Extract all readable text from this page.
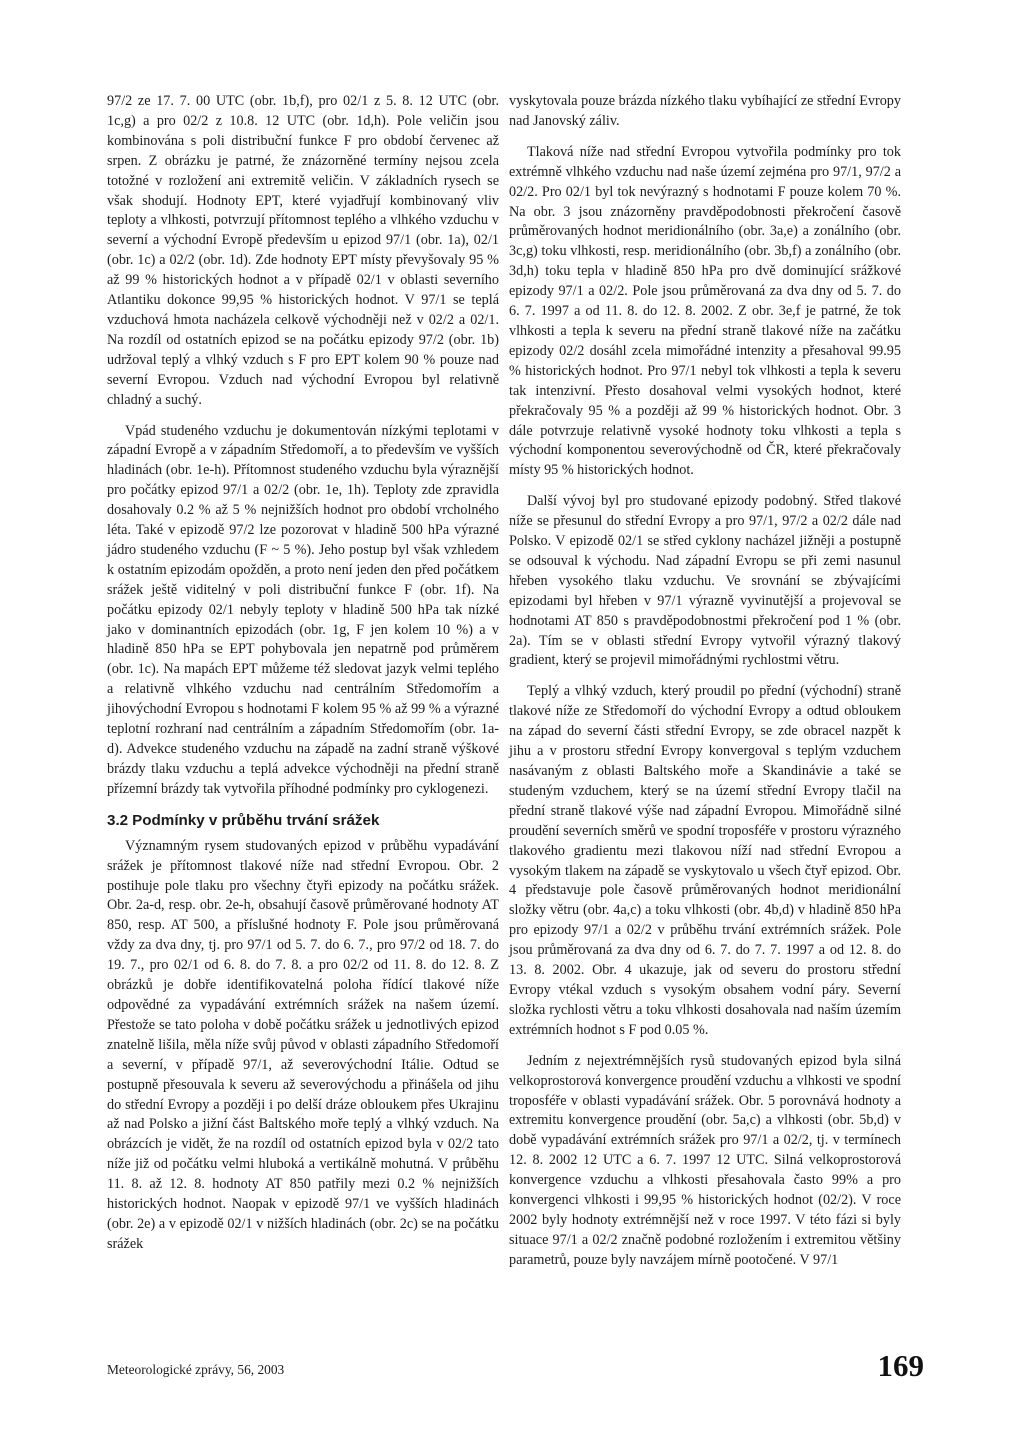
97/2 ze 17. 7. 00 UTC (obr. 1b,f), pro 02/1 z 5. 8. 12 UTC (obr. 1c,g) a pro 02/2 z 10.8. 12 UTC (obr. 1d,h). Pole veličin jsou kombinována s poli distribuční funkce F pro období červenec až srpen. Z obrázku je patrné, že znázorněné termíny nejsou zcela totožné v rozložení ani extremitě veličin. V základních rysech se však shodují. Hodnoty EPT, které vyjadřují kombinovaný vliv teploty a vlhkosti, potvrzují přítomnost teplého a vlhkého vzduchu v severní a východní Evropě především u epizod 97/1 (obr. 1a), 02/1 (obr. 1c) a 02/2 (obr. 1d). Zde hodnoty EPT místy převyšovaly 95 % až 99 % historických hodnot a v případě 02/1 v oblasti severního Atlantiku dokonce 99,95 % historických hodnot. V 97/1 se teplá vzduchová hmota nacházela celkově východněji než v 02/2 a 02/1. Na rozdíl od ostatních epizod se na počátku epizody 97/2 (obr. 1b) udržoval teplý a vlhký vzduch s F pro EPT kolem 90 % pouze nad severní Evropou. Vzduch nad východní Evropou byl relativně chladný a suchý.

Vpád studeného vzduchu je dokumentován nízkými teplotami v západní Evropě a v západním Středomoří, a to především ve vyšších hladinách (obr. 1e-h). Přítomnost studeného vzduchu byla výraznější pro počátky epizod 97/1 a 02/2 (obr. 1e, 1h). Teploty zde zpravidla dosahovaly 0.2 % až 5 % nejnižších hodnot pro období vrcholného léta. Také v epizodě 97/2 lze pozorovat v hladině 500 hPa výrazné jádro studeného vzduchu (F ~ 5 %). Jeho postup byl však vzhledem k ostatním epizodám opožděn, a proto není jeden den před počátkem srážek ještě viditelný v poli distribuční funkce F (obr. 1f). Na počátku epizody 02/1 nebyly teploty v hladině 500 hPa tak nízké jako v dominantních epizodách (obr. 1g, F jen kolem 10 %) a v hladině 850 hPa se EPT pohybovala jen nepatrně pod průměrem (obr. 1c). Na mapách EPT můžeme též sledovat jazyk velmi teplého a relativně vlhkého vzduchu nad centrálním Středomořím a jihovýchodní Evropou s hodnotami F kolem 95 % až 99 % a výrazné teplotní rozhraní nad centrálním a západním Středomořím (obr. 1a-d). Advekce studeného vzduchu na západě na zadní straně výškové brázdy tlaku vzduchu a teplá advekce východněji na přední straně přízemní brázdy tak vytvořila příhodné podmínky pro cyklogenezi.

3.2 Podmínky v průběhu trvání srážek

Významným rysem studovaných epizod v průběhu vypadávání srážek je přítomnost tlakové níže nad střední Evropou. Obr. 2 postihuje pole tlaku pro všechny čtyři epizody na počátku srážek. Obr. 2a-d, resp. obr. 2e-h, obsahují časově průměrované hodnoty AT 850, resp. AT 500, a příslušné hodnoty F. Pole jsou průměrovaná vždy za dva dny, tj. pro 97/1 od 5. 7. do 6. 7., pro 97/2 od 18. 7. do 19. 7., pro 02/1 od 6. 8. do 7. 8. a pro 02/2 od 11. 8. do 12. 8. Z obrázků je dobře identifikovatelná poloha řídící tlakové níže odpovědné za vypadávání extrémních srážek na našem území. Přestože se tato poloha v době počátku srážek u jednotlivých epizod znatelně lišila, měla níže svůj původ v oblasti západního Středomoří a severní, v případě 97/1, až severovýchodní Itálie. Odtud se postupně přesouvala k severu až severovýchodu a přinášela od jihu do střední Evropy a později i po delší dráze obloukem přes Ukrajinu až nad Polsko a jižní část Baltského moře teplý a vlhký vzduch. Na obrázcích je vidět, že na rozdíl od ostatních epizod byla v 02/2 tato níže již od počátku velmi hluboká a vertikálně mohutná. V průběhu 11. 8. až 12. 8. hodnoty AT 850 patřily mezi 0.2 % nejnižších historických hodnot. Naopak v epizodě 97/1 ve vyšších hladinách (obr. 2e) a v epizodě 02/1 v nižších hladinách (obr. 2c) se na počátku srážek

vyskytovala pouze brázda nízkého tlaku vybíhající ze střední Evropy nad Janovský záliv.

Tlaková níže nad střední Evropou vytvořila podmínky pro tok extrémně vlhkého vzduchu nad naše území zejména pro 97/1, 97/2 a 02/2. Pro 02/1 byl tok nevýrazný s hodnotami F pouze kolem 70 %. Na obr. 3 jsou znázorněny pravděpodobnosti překročení časově průměrovaných hodnot meridionálního (obr. 3a,e) a zonálního (obr. 3c,g) toku vlhkosti, resp. meridionálního (obr. 3b,f) a zonálního (obr. 3d,h) toku tepla v hladině 850 hPa pro dvě dominující srážkové epizody 97/1 a 02/2. Pole jsou průměrovaná za dva dny od 5. 7. do 6. 7. 1997 a od 11. 8. do 12. 8. 2002. Z obr. 3e,f je patrné, že tok vlhkosti a tepla k severu na přední straně tlakové níže na začátku epizody 02/2 dosáhl zcela mimořádné intenzity a přesahoval 99.95 % historických hodnot. Pro 97/1 nebyl tok vlhkosti a tepla k severu tak intenzivní. Přesto dosahoval velmi vysokých hodnot, které překračovaly 95 % a později až 99 % historických hodnot. Obr. 3 dále potvrzuje relativně vysoké hodnoty toku vlhkosti a tepla s východní komponentou severovýchodně od ČR, které překračovaly místy 95 % historických hodnot.

Další vývoj byl pro studované epizody podobný. Střed tlakové níže se přesunul do střední Evropy a pro 97/1, 97/2 a 02/2 dále nad Polsko. V epizodě 02/1 se střed cyklony nacházel jižněji a postupně se odsouval k východu. Nad západní Evropu se při zemi nasunul hřeben vysokého tlaku vzduchu. Ve srovnání se zbývajícími epizodami byl hřeben v 97/1 výrazně vyvinutější a projevoval se hodnotami AT 850 s pravděpodobnostmi překročení pod 1 % (obr. 2a). Tím se v oblasti střední Evropy vytvořil výrazný tlakový gradient, který se projevil mimořádnými rychlostmi větru.

Teplý a vlhký vzduch, který proudil po přední (východní) straně tlakové níže ze Středomoří do východní Evropy a odtud obloukem na západ do severní části střední Evropy, se zde obracel nazpět k jihu a v prostoru střední Evropy konvergoval s teplým vzduchem nasávaným z oblasti Baltského moře a Skandinávie a také se studeným vzduchem, který se na území střední Evropy tlačil na přední straně tlakové výše nad západní Evropou. Mimořádně silné proudění severních směrů ve spodní troposféře v prostoru výrazného tlakového gradientu mezi tlakovou níží nad střední Evropou a vysokým tlakem na západě se vyskytovalo u všech čtyř epizod. Obr. 4 představuje pole časově průměrovaných hodnot meridionální složky větru (obr. 4a,c) a toku vlhkosti (obr. 4b,d) v hladině 850 hPa pro epizody 97/1 a 02/2 v průběhu trvání extrémních srážek. Pole jsou průměrovaná za dva dny od 6. 7. do 7. 7. 1997 a od 12. 8. do 13. 8. 2002. Obr. 4 ukazuje, jak od severu do prostoru střední Evropy vtékal vzduch s vysokým obsahem vodní páry. Severní složka rychlosti větru a toku vlhkosti dosahovala nad naším územím extrémních hodnot s F pod 0.05 %.

Jedním z nejextrémnějších rysů studovaných epizod byla silná velkoprostorová konvergence proudění vzduchu a vlhkosti ve spodní troposféře v oblasti vypadávání srážek. Obr. 5 porovnává hodnoty a extremitu konvergence proudění (obr. 5a,c) a vlhkosti (obr. 5b,d) v době vypadávání extrémních srážek pro 97/1 a 02/2, tj. v termínech 12. 8. 2002 12 UTC a 6. 7. 1997 12 UTC. Silná velkoprostorová konvergence vzduchu a vlhkosti přesahovala často 99% a pro konvergenci vlhkosti i 99,95 % historických hodnot (02/2). V roce 2002 byly hodnoty extrémnější než v roce 1997. V této fázi si byly situace 97/1 a 02/2 značně podobné rozložením i extremitou většiny parametrů, pouze byly navzájem mírně pootočené. V 97/1

Meteorologické zprávy, 56, 2003	169
